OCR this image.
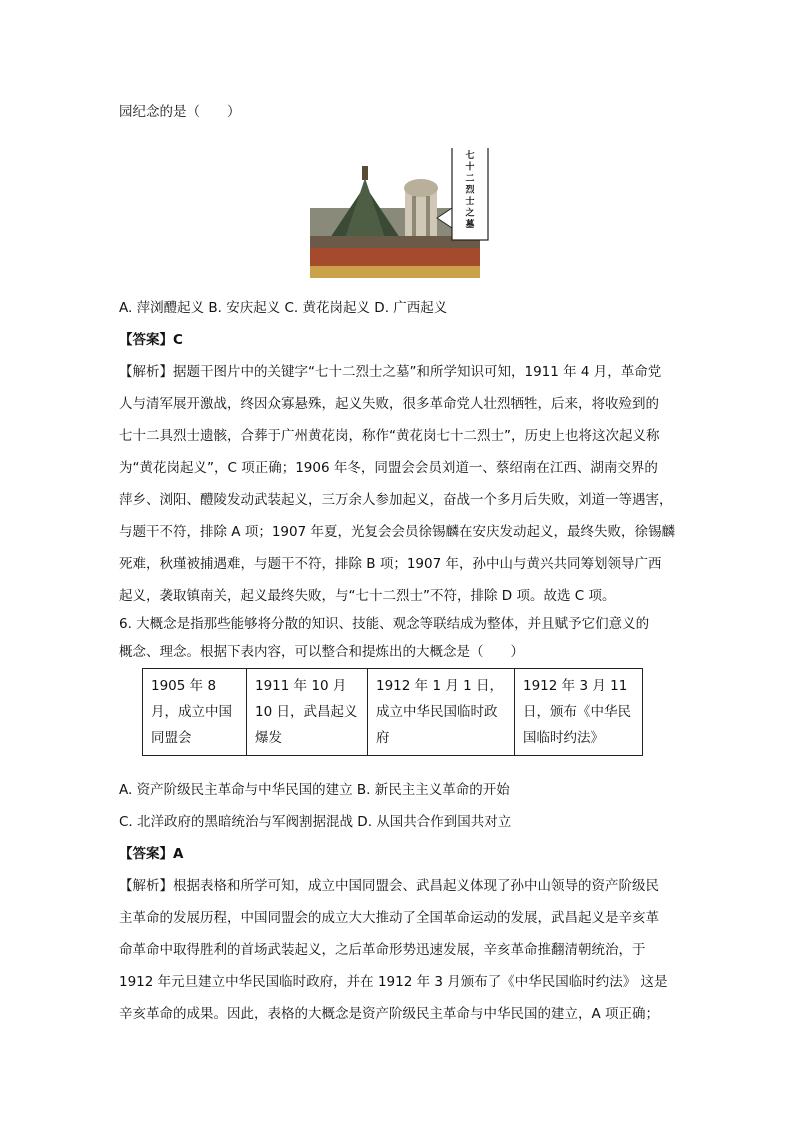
园纪念的是（　　）
七十二烈士之墓
A. 萍浏醴起义 B. 安庆起义 C. 黄花岗起义 D. 广西起义
【答案】C
【解析】据题干图片中的关键字“七十二烈士之墓”和所学知识可知，1911 年 4 月，革命党
人与清军展开激战，终因众寡悬殊，起义失败，很多革命党人壮烈牺牲，后来，将收殓到的
七十二具烈士遗骸，合葬于广州黄花岗，称作“黄花岗七十二烈士”，历史上也将这次起义称
为“黄花岗起义”，C 项正确；1906 年冬，同盟会会员刘道一、蔡绍南在江西、湖南交界的
萍乡、浏阳、醴陵发动武装起义，三万余人参加起义，奋战一个多月后失败，刘道一等遇害，
与题干不符，排除 A 项；1907 年夏，光复会会员徐锡麟在安庆发动起义，最终失败，徐锡麟
死难，秋瑾被捕遇难，与题干不符，排除 B 项；1907 年，孙中山与黄兴共同筹划领导广西
起义，袭取镇南关，起义最终失败，与“七十二烈士”不符，排除 D 项。故选 C 项。
6. 大概念是指那些能够将分散的知识、技能、观念等联结成为整体，并且赋予它们意义的
概念、理念。根据下表内容，可以整合和提炼出的大概念是（　　）
1905 年 8 月，成立中国同盟会	1911 年 10 月 10 日，武昌起义爆发	1912 年 1 月 1 日，成立中华民国临时政府	1912 年 3 月 11 日，颁布《中华民国临时约法》
A. 资产阶级民主革命与中华民国的建立 B. 新民主主义革命的开始
C. 北洋政府的黑暗统治与军阀割据混战 D. 从国共合作到国共对立
【答案】A
【解析】根据表格和所学可知，成立中国同盟会、武昌起义体现了孙中山领导的资产阶级民
主革命的发展历程，中国同盟会的成立大大推动了全国革命运动的发展，武昌起义是辛亥革
命革命中取得胜利的首场武装起义，之后革命形势迅速发展，辛亥革命推翻清朝统治，于
1912 年元旦建立中华民国临时政府，并在 1912 年 3 月颁布了《中华民国临时约法》 这是
辛亥革命的成果。因此，表格的大概念是资产阶级民主革命与中华民国的建立，A 项正确；
